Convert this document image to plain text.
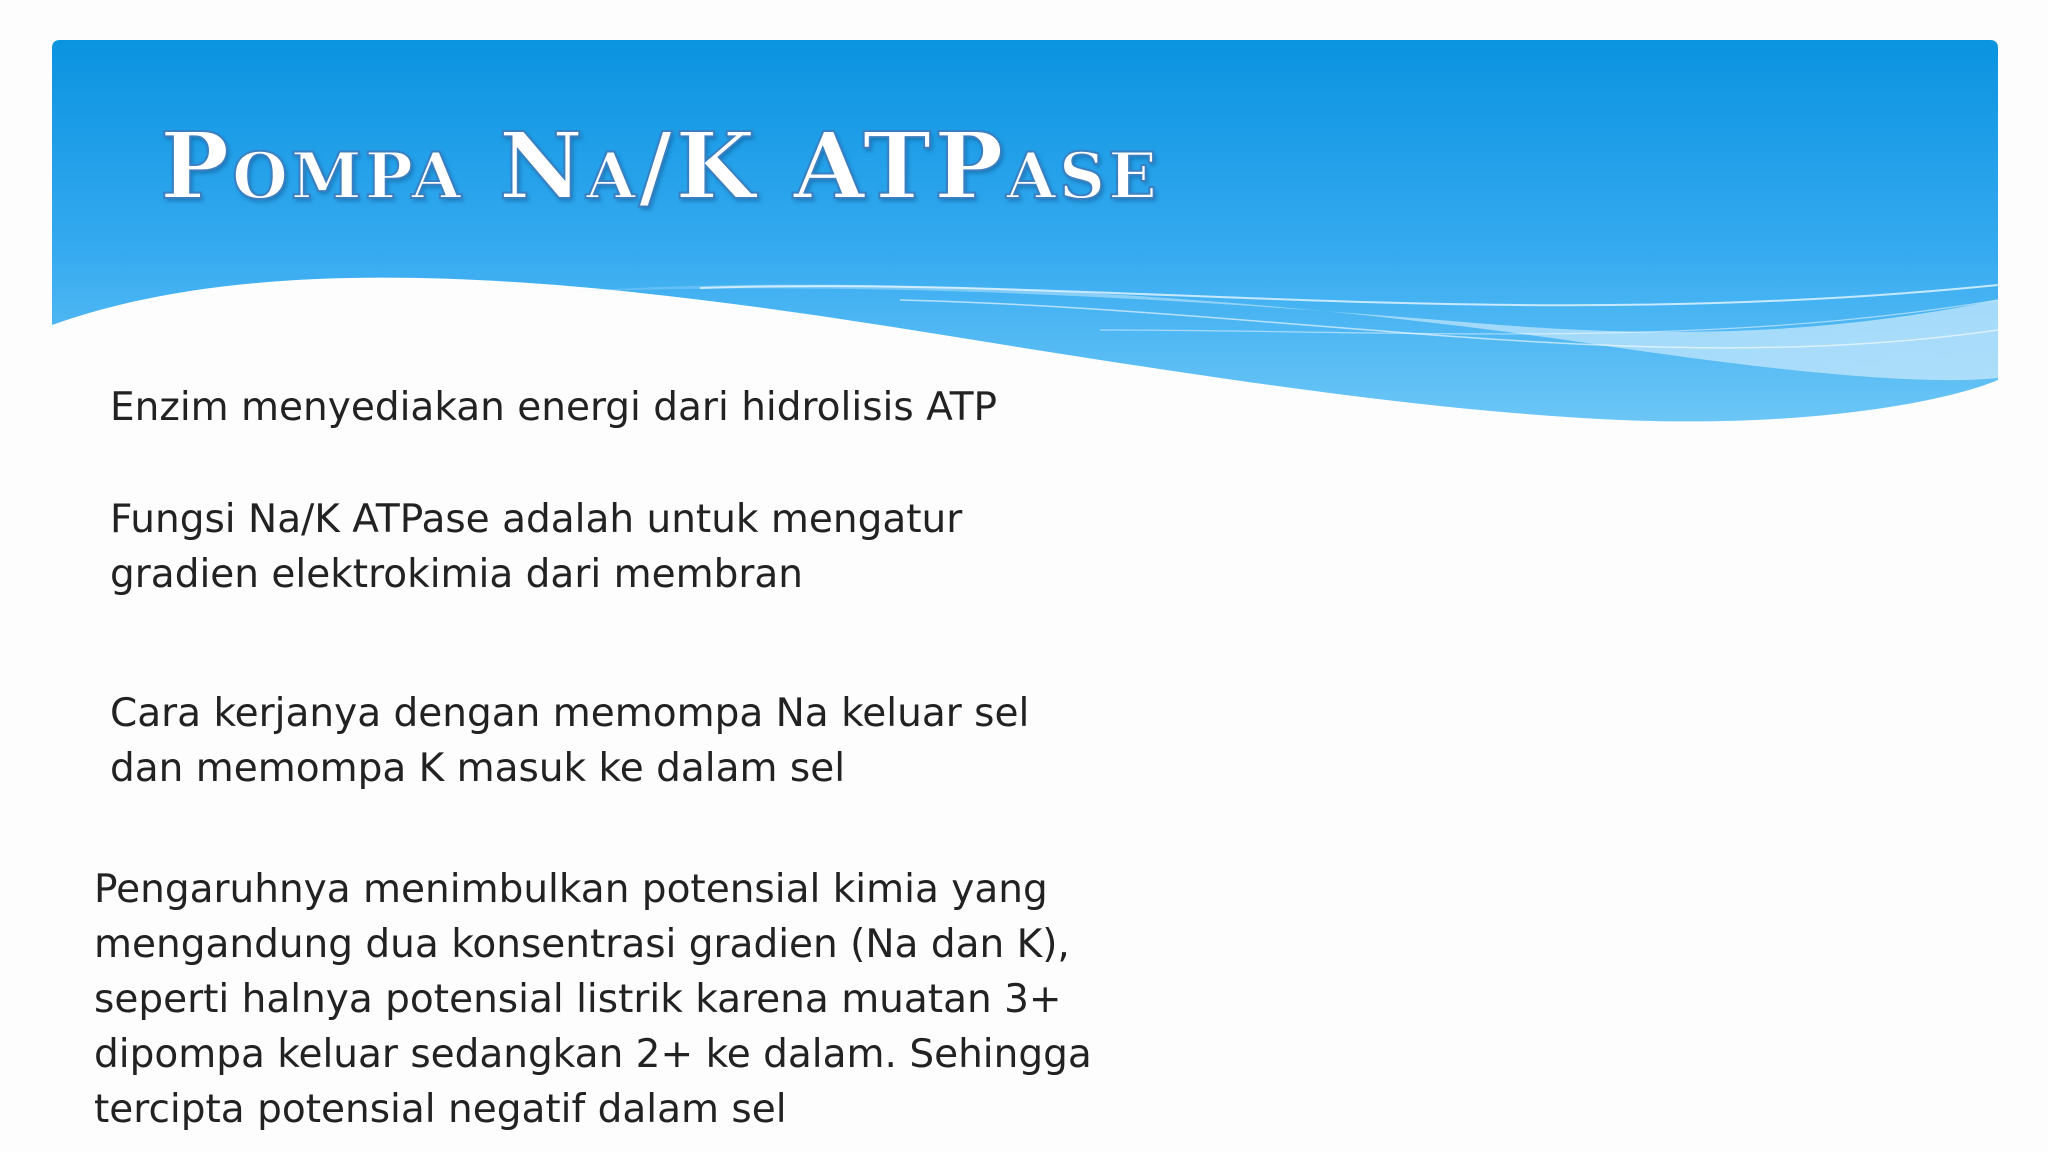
Pompa Na/K ATPase

Enzim menyediakan energi dari hidrolisis ATP

Fungsi Na/K ATPase adalah untuk mengatur gradien elektrokimia dari membran

Cara kerjanya dengan memompa Na keluar sel dan memompa K masuk ke dalam sel

Pengaruhnya menimbulkan potensial kimia yang mengandung dua konsentrasi gradien (Na dan K), seperti halnya potensial listrik karena muatan 3+ dipompa keluar sedangkan 2+ ke dalam. Sehingga tercipta potensial negatif dalam sel
